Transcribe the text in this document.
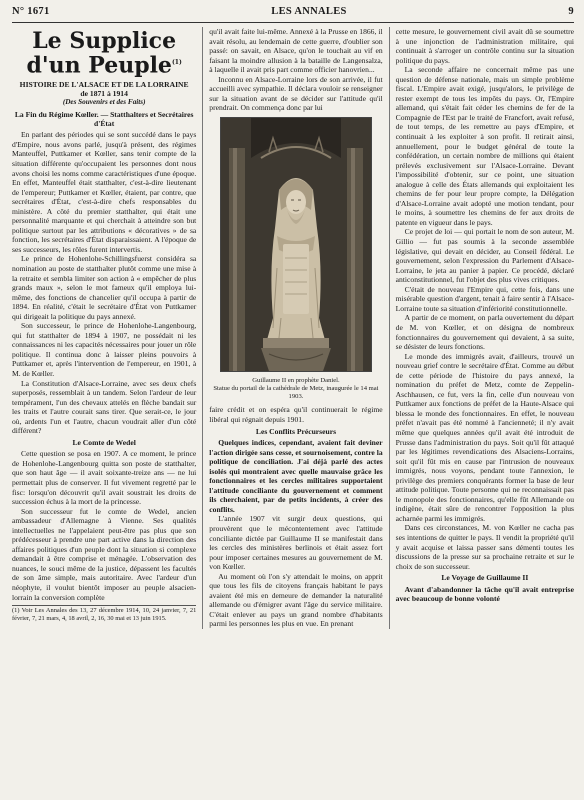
N° 1671	LES ANNALES	9
Le Supplice
d'un Peuple$^{(1)}$
HISTOIRE DE L'ALSACE ET DE LA LORRAINE
de 1871 à 1914
(Des Souvenirs et des Faits)
La Fin du Régime Kœller. — Statthalters et Secrétaires d'État

En parlant des périodes qui se sont succédé dans le pays d'Empire, nous avons parlé, jusqu'à présent, des régimes Manteuffel, Puttkamer et Kœller, sans tenir compte de la situation différente qu'occupaient les personnes dont nous avons choisi les noms comme caractéristiques d'une époque. En effet, Manteuffel était statthalter, c'est-à-dire lieutenant de l'empereur; Puttkamer et Kœller, étaient, par contre, que secrétaires d'État, c'est-à-dire chefs responsables du ministère. A côté du premier statthalter, qui était une personnalité marquante et qui cherchait à atteindre son but politique surtout par les attributions « décoratives » de sa fonction, les secrétaires d'État disparaissaient. A l'époque de ses successeurs, les rôles furent intervertis.

Le prince de Hohenlohe-Schillingsfuerst considéra sa nomination au poste de statthalter plutôt comme une mise à la retraite et sembla limiter son action à « empêcher de plus grands maux », selon le mot fameux qu'il employa lui-même, des fonctions de chancelier qu'il occupa à partir de 1894. En réalité, c'était le secrétaire d'État von Puttkamer qui dirigeait la politique du pays annexé.

Son successeur, le prince de Hohenlohe-Langenbourg, qui fut statthalter de 1894 à 1907, ne possédait ni les connaissances ni les capacités nécessaires pour jouer un rôle politique. Il continua donc à laisser pleins pouvoirs à Puttkamer et, après l'intervention de l'empereur, en 1901, à M. de Kœller.

La Constitution d'Alsace-Lorraine, avec ses deux chefs superposés, ressemblait à un tandem. Selon l'ardeur de leur tempérament, l'un des chevaux attelés en flèche bandait sur les traits et l'autre courait sans tirer. Que serait-ce, le jour où, ardents l'un et l'autre, chacun voudrait aller d'un côté différent?

Le Comte de Wedel

Cette question se posa en 1907. A ce moment, le prince de Hohenlohe-Langenbourg quitta son poste de statthalter, que son haut âge — il avait soixante-treize ans — ne lui permettait plus de conserver. Il fut vivement regretté par le fisc: lorsqu'on découvrit qu'il avait soustrait les droits de succession échus à la mort de la princesse.

Son successeur fut le comte de Wedel, ancien ambassadeur d'Allemagne à Vienne. Ses qualités intellectuelles ne l'appelaient peut-être pas plus que son prédécesseur à prendre une part active dans la direction des affaires politiques d'un peuple dont la situation si complexe demandait à être comprise et ménagée. L'observation des nuances, le souci même de la justice, dépassent les facultés de son âme simple, mais autoritaire. Avec l'ardeur d'un néophyte, il voulut bientôt imposer au peuple alsacien-lorrain la conversion complète

(1) Voir Les Annales des 13, 27 décembre 1914, 10, 24 janvier, 7, 21 février, 7, 21 mars, 4, 18 avril, 2, 16, 30 mai et 13 juin 1915.

qu'il avait faite lui-même. Annexé à la Prusse en 1866, il avait résolu, au lendemain de cette guerre, d'oublier son passé: on savait, en Alsace, qu'on le touchait au vif en faisant la moindre allusion à la bataille de Langensalza, à laquelle il avait pris part comme officier hanovrien...

Inconnu en Alsace-Lorraine lors de son arrivée, il fut accueilli avec sympathie. Il déclara vouloir se renseigner sur la situation avant de se décider sur l'attitude qu'il prendrait. On commença donc par lui

Guillaume II en prophète Daniel.
Statue du portail de la cathédrale de Metz, inaugurée le 14 mai 1903.

faire crédit et on espéra qu'il continuerait le régime libéral qui régnait depuis 1901.

Les Conflits Précurseurs

Quelques indices, cependant, avaient fait deviner l'action dirigée sans cesse, et sournoisement, contre la politique de conciliation. J'ai déjà parlé des actes isolés qui montraient avec quelle mauvaise grâce les fonctionnaires et les cercles militaires supportaient l'attitude conciliante du gouvernement et comment ils cherchaient, par de petits incidents, à créer des conflits.

L'année 1907 vit surgir deux questions, qui prouvèrent que le mécontentement avec l'attitude conciliante dictée par Guillaume II se manifestait dans les cercles des ministères berlinois et était assez fort pour imposer certaines mesures au gouvernement de M. von Kœller.

Au moment où l'on s'y attendait le moins, on apprit que tous les fils de citoyens français habitant le pays avaient été mis en demeure de demander la naturalité allemande ou d'émigrer avant l'âge du service militaire. C'était enlever au pays un grand nombre d'habitants parmi les personnes les plus en vue. En prenant

cette mesure, le gouvernement civil avait dû se soumettre à une injonction de l'administration militaire, qui continuait à s'arroger un contrôle continu sur la situation politique du pays.

La seconde affaire ne concernait même pas une question de défense nationale, mais un simple problème fiscal. L'Empire avait exigé, jusqu'alors, le privilège de rester exempt de tous les impôts du pays. Or, l'Empire allemand, qui s'était fait céder les chemins de fer de la Compagnie de l'Est par le traité de Francfort, avait refusé, de tout temps, de les remettre au pays d'Empire, et continuait à les exploiter à son profit. Il retirait ainsi, annuellement, pour le budget général de toute la confédération, un certain nombre de millions qui étaient prélevés exclusivement sur l'Alsace-Lorraine. Devant l'impossibilité d'obtenir, sur ce point, une situation analogue à celle des États allemands qui exploitaient les chemins de fer pour leur propre compte, la Délégation d'Alsace-Lorraine avait adopté une motion tendant, pour le moins, à soumettre les chemins de fer aux droits de patente en vigueur dans le pays.

Ce projet de loi — qui portait le nom de son auteur, M. Gillio — fut pas soumis à la seconde assemblée législative, qui devait en décider, au Conseil fédéral. Le gouvernement, selon l'expression du Parlement d'Alsace-Lorraine, le jeta au panier à papier. Ce procédé, déclaré anticonstitutionnel, fut l'objet des plus vives critiques.

C'était de nouveau l'Empire qui, cette fois, dans une misérable question d'argent, tenait à faire sentir à l'Alsace-Lorraine toute sa situation d'infériorité constitutionnelle.

A partir de ce moment, on parla ouvertement du départ de M. von Kœller, et on désigna de nombreux fonctionnaires du gouvernement qui devaient, à sa suite, se désister de leurs fonctions.

Le monde des immigrés avait, d'ailleurs, trouvé un nouveau grief contre le secrétaire d'État. Comme au début de cette période de l'histoire du pays annexé, la nomination du préfet de Metz, comte de Zeppelin-Aschhausen, ce fut, vers la fin, celle d'un nouveau von Puttkamer aux fonctions de préfet de la Haute-Alsace qui blessa le monde des fonctionnaires. En effet, le nouveau préfet n'avait pas été nommé à l'ancienneté; il n'y avait même que quelques années qu'il avait été introduit de Prusse dans l'administration du pays. Soit qu'il fût attaqué par les légitimes revendications des Alsaciens-Lorrains, soit qu'il fût mis en cause par l'intrusion de nouveaux immigrés, nous voyons, pendant toute l'annexion, le privilège des premiers conquérants former la base de leur attitude politique. Toute personne qui ne reconnaissait pas le monopole des fonctionnaires, qu'elle fût Allemande ou indigène, était sûre de rencontrer l'opposition la plus acharnée parmi les immigrés.

Dans ces circonstances, M. von Kœller ne cacha pas ses intentions de quitter le pays. Il vendit la propriété qu'il y avait acquise et laissa passer sans démenti toutes les discussions de la presse sur sa prochaine retraite et sur le choix de son successeur.

Le Voyage de Guillaume II

Avant d'abandonner la tâche qu'il avait entreprise avec beaucoup de bonne volonté
